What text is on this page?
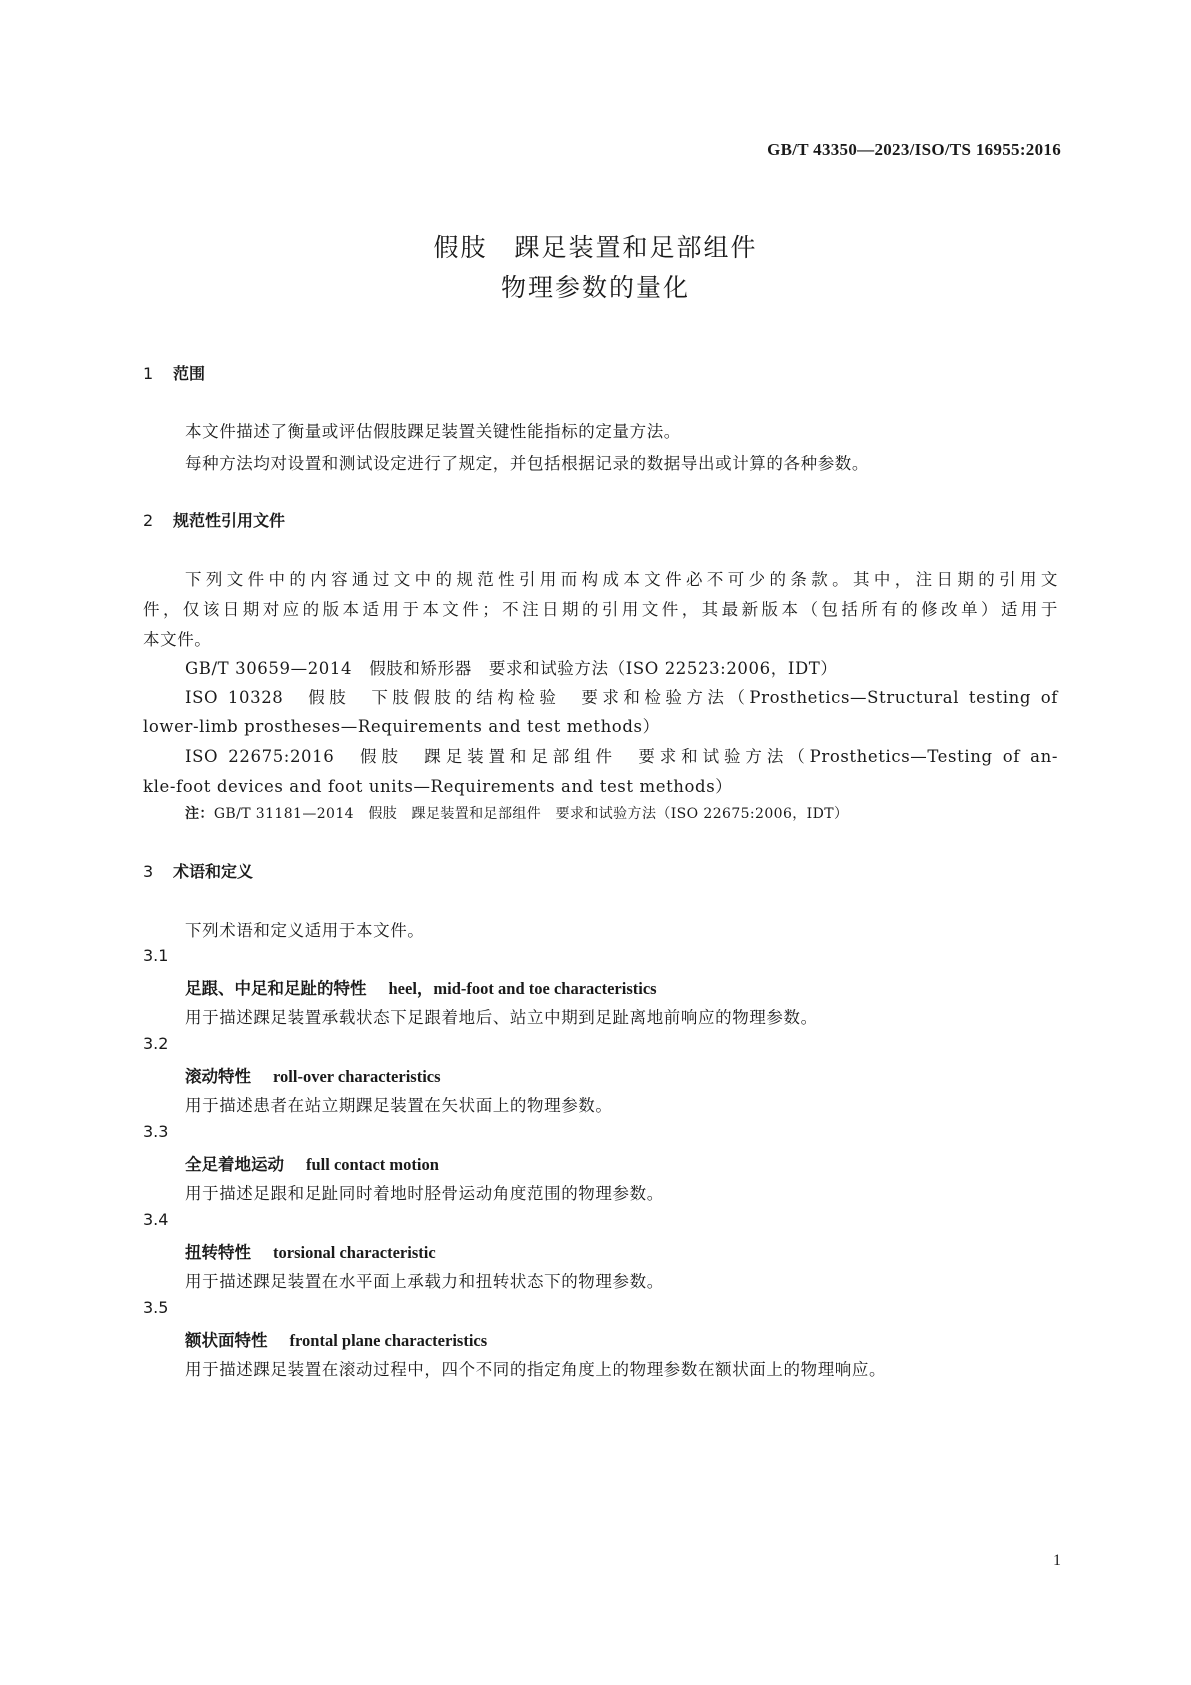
GB/T 43350—2023/ISO/TS 16955:2016
假肢　踝足装置和足部组件
物理参数的量化
1 范围
本文件描述了衡量或评估假肢踝足装置关键性能指标的定量方法。
每种方法均对设置和测试设定进行了规定，并包括根据记录的数据导出或计算的各种参数。
2 规范性引用文件
下列文件中的内容通过文中的规范性引用而构成本文件必不可少的条款。其中，注日期的引用文
件，仅该日期对应的版本适用于本文件；不注日期的引用文件，其最新版本（包括所有的修改单）适用于
本文件。
GB/T 30659—2014　假肢和矫形器　要求和试验方法（ISO 22523:2006，IDT）
ISO 10328　假肢　下肢假肢的结构检验　要求和检验方法（Prosthetics—Structural testing of
lower-limb prostheses—Requirements and test methods）
ISO 22675:2016　假肢　踝足装置和足部组件　要求和试验方法（Prosthetics—Testing of an-
kle-foot devices and foot units—Requirements and test methods）
注：GB/T 31181—2014　假肢　踝足装置和足部组件　要求和试验方法（ISO 22675:2006，IDT）
3 术语和定义
下列术语和定义适用于本文件。
3.1
足跟、中足和足趾的特性 heel，mid-foot and toe characteristics
用于描述踝足装置承载状态下足跟着地后、站立中期到足趾离地前响应的物理参数。
3.2
滚动特性 roll-over characteristics
用于描述患者在站立期踝足装置在矢状面上的物理参数。
3.3
全足着地运动 full contact motion
用于描述足跟和足趾同时着地时胫骨运动角度范围的物理参数。
3.4
扭转特性 torsional characteristic
用于描述踝足装置在水平面上承载力和扭转状态下的物理参数。
3.5
额状面特性 frontal plane characteristics
用于描述踝足装置在滚动过程中，四个不同的指定角度上的物理参数在额状面上的物理响应。
1
